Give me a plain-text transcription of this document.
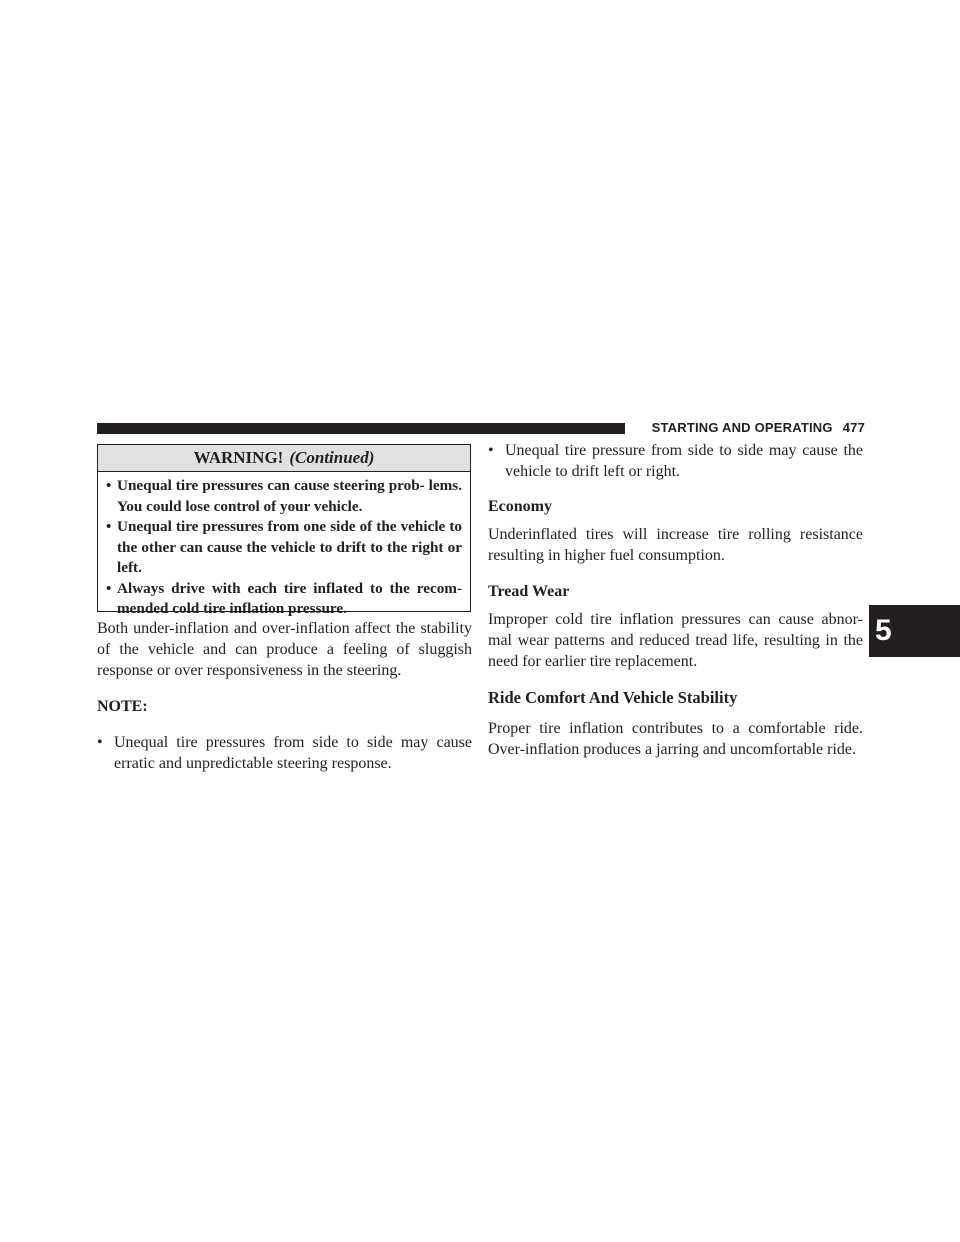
STARTING AND OPERATING 477
5
WARNING! (Continued)
• Unequal tire pressures can cause steering prob- lems. You could lose control of your vehicle.
• Unequal tire pressures from one side of the vehicle to the other can cause the vehicle to drift to the right or left.
• Always drive with each tire inflated to the recom- mended cold tire inflation pressure.

Both under-inflation and over-inflation affect the stability of the vehicle and can produce a feeling of sluggish response or over responsiveness in the steering.

NOTE:

• Unequal tire pressures from side to side may cause erratic and unpredictable steering response.
• Unequal tire pressure from side to side may cause the vehicle to drift left or right.

Economy

Underinflated tires will increase tire rolling resistance resulting in higher fuel consumption.

Tread Wear

Improper cold tire inflation pressures can cause abnor- mal wear patterns and reduced tread life, resulting in the need for earlier tire replacement.

Ride Comfort And Vehicle Stability

Proper tire inflation contributes to a comfortable ride. Over-inflation produces a jarring and uncomfortable ride.
